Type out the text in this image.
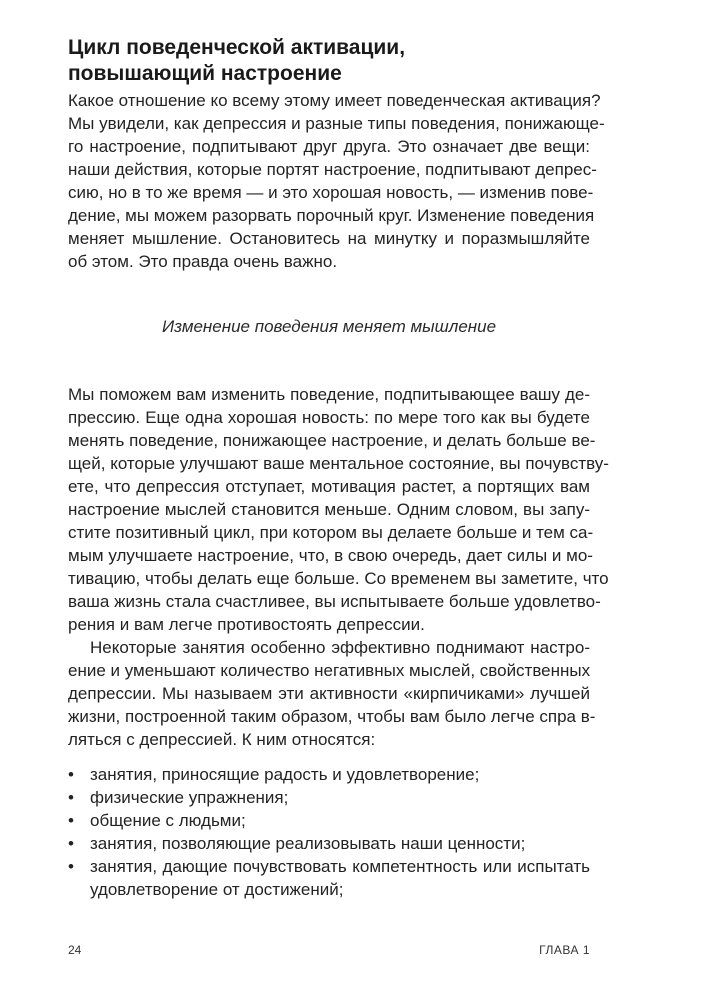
Цикл поведенческой активации,
повышающий настроение
Какое отношение ко всему этому имеет поведенческая активация?
Мы увидели, как депрессия и разные типы поведения, понижающе-
го настроение, подпитывают друг друга. Это означает две вещи:
наши действия, которые портят настроение, подпитывают депрес-
сию, но в то же время — и это хорошая новость, — изменив пове-
дение, мы можем разорвать порочный круг. Изменение поведения
меняет мышление. Остановитесь на минутку и поразмышляйте
об этом. Это правда очень важно.
Изменение поведения меняет мышление
Мы поможем вам изменить поведение, подпитывающее вашу де-
прессию. Еще одна хорошая новость: по мере того как вы будете
менять поведение, понижающее настроение, и делать больше ве-
щей, которые улучшают ваше ментальное состояние, вы почувству-
ете, что депрессия отступает, мотивация растет, а портящих вам
настроение мыслей становится меньше. Одним словом, вы запу-
стите позитивный цикл, при котором вы делаете больше и тем са-
мым улучшаете настроение, что, в свою очередь, дает силы и мо-
тивацию, чтобы делать еще больше. Со временем вы заметите, что
ваша жизнь стала счастливее, вы испытываете больше удовлетво-
рения и вам легче противостоять депрессии.
Некоторые занятия особенно эффективно поднимают настро-
ение и уменьшают количество негативных мыслей, свойственных
депрессии. Мы называем эти активности «кирпичиками» лучшей
жизни, построенной таким образом, чтобы вам было легче спра в-
ляться с депрессией. К ним относятся:
• занятия, приносящие радость и удовлетворение;
• физические упражнения;
• общение с людьми;
• занятия, позволяющие реализовывать наши ценности;
• занятия, дающие почувствовать компетентность или испытать
удовлетворение от достижений;
24	ГЛАВА 1
